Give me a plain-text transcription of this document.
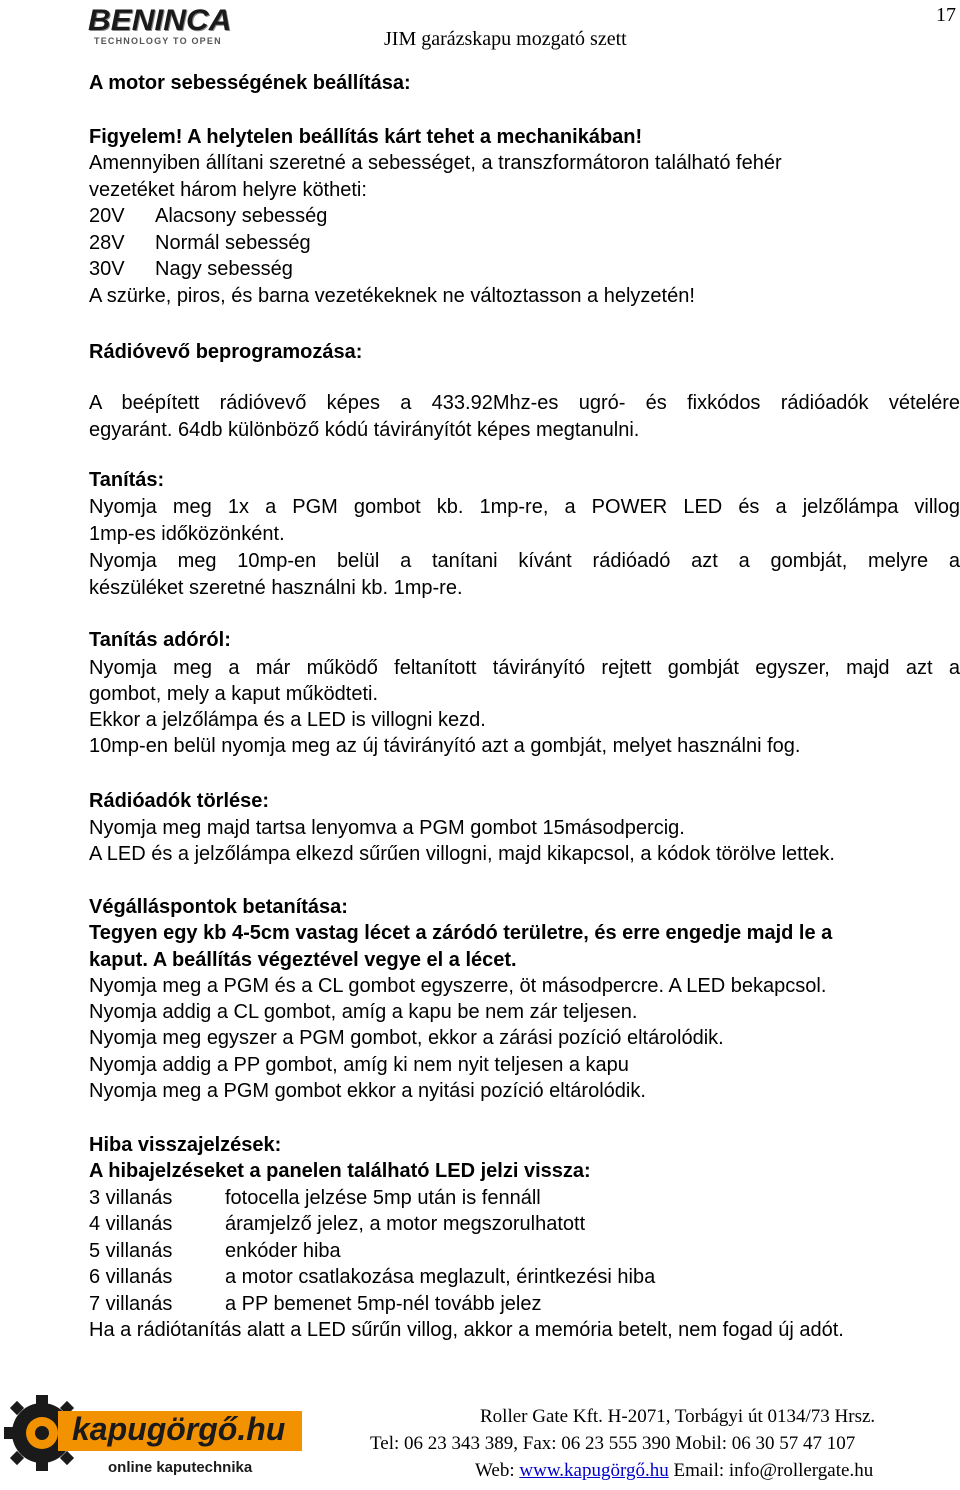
BENINCA
TECHNOLOGY TO OPEN	JIM garázskapu mozgató szett
17
A motor sebességének beállítása:
Figyelem! A helytelen beállítás kárt tehet a mechanikában!
Amennyiben állítani szeretné a sebességet, a transzformátoron található fehér
vezetéket három helyre kötheti:
20V Alacsony sebesség
28V Normál sebesség
30V Nagy sebesség
A szürke, piros, és barna vezetékeknek ne változtasson a helyzetén!
Rádióvevő beprogramozása:
A beépített rádióvevő képes a 433.92Mhz-es ugró- és fixkódos rádióadók vételére
egyaránt. 64db különböző kódú távirányítót képes megtanulni.
Tanítás:
Nyomja meg 1x a PGM gombot kb. 1mp-re, a POWER LED és a jelzőlámpa villog
1mp-es időközönként.
Nyomja meg 10mp-en belül a tanítani kívánt rádióadó azt a gombját, melyre a
készüléket szeretné használni kb. 1mp-re.
Tanítás adóról:
Nyomja meg a már működő feltanított távirányító rejtett gombját egyszer, majd azt a
gombot, mely a kaput működteti.
Ekkor a jelzőlámpa és a LED is villogni kezd.
10mp-en belül nyomja meg az új távirányító azt a gombját, melyet használni fog.
Rádióadók törlése:
Nyomja meg majd tartsa lenyomva a PGM gombot 15másodpercig.
A LED és a jelzőlámpa elkezd sűrűen villogni, majd kikapcsol, a kódok törölve lettek.
Végálláspontok betanítása:
Tegyen egy kb 4-5cm vastag lécet a záródó területre, és erre engedje majd le a
kaput. A beállítás végeztével vegye el a lécet.
Nyomja meg a PGM és a CL gombot egyszerre, öt másodpercre. A LED bekapcsol.
Nyomja addig a CL gombot, amíg a kapu be nem zár teljesen.
Nyomja meg egyszer a PGM gombot, ekkor a zárási pozíció eltárolódik.
Nyomja addig a PP gombot, amíg ki nem nyit teljesen a kapu
Nyomja meg a PGM gombot ekkor a nyitási pozíció eltárolódik.
Hiba visszajelzések:
A hibajelzéseket a panelen található LED jelzi vissza:
3 villanás	fotocella jelzése 5mp után is fennáll
4 villanás	áramjelző jelez, a motor megszorulhatott
5 villanás	enkóder hiba
6 villanás	a motor csatlakozása meglazult, érintkezési hiba
7 villanás	a PP bemenet 5mp-nél tovább jelez
Ha a rádiótanítás alatt a LED sűrűn villog, akkor a memória betelt, nem fogad új adót.
kapugörgő.hu
online kaputechnika
Roller Gate Kft. H-2071, Torbágyi út 0134/73 Hrsz.
Tel: 06 23 343 389, Fax: 06 23 555 390 Mobil: 06 30 57 47 107
Web: www.kapugörgő.hu Email: info@rollergate.hu
